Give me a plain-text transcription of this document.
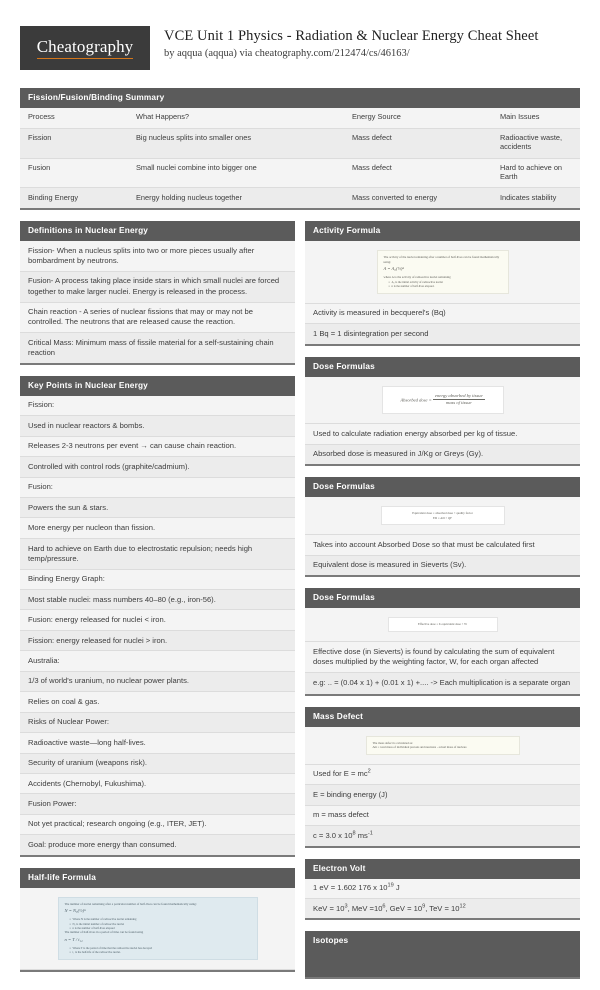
Cheatography
VCE Unit 1 Physics - Radiation & Nuclear Energy Cheat Sheet
by aqqua (aqqua) via cheatography.com/212474/cs/46163/
Fission/Fusion/Binding Summary
Process	What Happens?	Energy Source	Main Issues
Fission	Big nucleus splits into smaller ones	Mass defect	Radioactive waste, accidents
Fusion	Small nuclei combine into bigger one	Mass defect	Hard to achieve on Earth
Binding Energy	Energy holding nucleus together	Mass converted to energy	Indicates stability
Definitions in Nuclear Energy
Fission- When a nucleus splits into two or more pieces usually after bombardment by neutrons.
Fusion- A process taking place inside stars in which small nuclei are forced together to make larger nuclei. Energy is released in the process.
Chain reaction - A series of nuclear fissions that may or may not be controlled. The neutrons that are released cause the reaction.
Critical Mass: Minimum mass of fissile material for a self-sustaining chain reaction
Key Points in Nuclear Energy
Fission:
Used in nuclear reactors & bombs.
Releases 2-3 neutrons per event → can cause chain reaction.
Controlled with control rods (graphite/cadmium).
Fusion:
Powers the sun & stars.
More energy per nucleon than fission.
Hard to achieve on Earth due to electrostatic repulsion; needs high temp/pressure.
Binding Energy Graph:
Most stable nuclei: mass numbers 40–80 (e.g., iron-56).
Fusion: energy released for nuclei < iron.
Fission: energy released for nuclei > iron.
Australia:
1/3 of world's uranium, no nuclear power plants.
Relies on coal & gas.
Risks of Nuclear Power:
Radioactive waste—long half-lives.
Security of uranium (weapons risk).
Accidents (Chernobyl, Fukushima).
Fusion Power:
Not yet practical; research ongoing (e.g., ITER, JET).
Goal: produce more energy than consumed.
Half-life Formula
The number of nuclei remaining after a particular number of half-lives can be found mathematically using:
N = N₀(½)ⁿ
▪ Where N is the number of radioactive nuclei remaining
▪ N₀ is the initial number of radioactive nuclei
▪ n is the number of half-lives elapsed
The number of half-lives in a period of time can be found using
n = T / t₁₂
▪ Where T is the period of time that the radioactive nuclei has decayed
▪ t₁ is the half-life of the radioactive nuclei.
Activity Formula
The activity of the nuclei remaining after a number of half-lives can be found mathematically using:
A = A₀(½)ⁿ
where A is the activity of radioactive nuclei remaining
▪ A₀ is the initial activity of radioactive nuclei
▪ n is the number of half-lives elapsed.
Activity is measured in becquerel's (Bq)
1 Bq = 1 disintegration per second
Dose Formulas
Absorbed dose = $\frac{\text{energy absorbed by tissue}}{\text{mass of tissue}}$
Used to calculate radiation energy absorbed per kg of tissue.
Absorbed dose is measured in J/Kg or Greys (Gy).
Dose Formulas
Equivalent dose = absorbed dose × quality factor
ED = AD × QF
Takes into account Absorbed Dose so that must be calculated first
Equivalent dose is measured in Sieverts (Sv).
Dose Formulas
Effective dose = Σ equivalent dose × W
Effective dose (in Sieverts) is found by calculating the sum of equivalent doses multiplied by the weighting factor, W, for each organ affected
e.g: .. = (0.04 x 1) + (0.01 x 1) +.... -> Each multiplication is a separate organ
Mass Defect
The mass defect is calculated as:
Δm = total mass of individual protons and neutrons - actual mass of nucleus
Used for $E = mc^2$
E = binding energy (J)
m = mass defect
c = 3.0 x $10^8$ $ms^{-1}$
Electron Volt
1 eV = 1.602 176 x $10^{19}$ J
KeV = $10^3$, MeV $=10^6$, GeV = $10^9$, TeV = $10^{12}$
Isotopes
